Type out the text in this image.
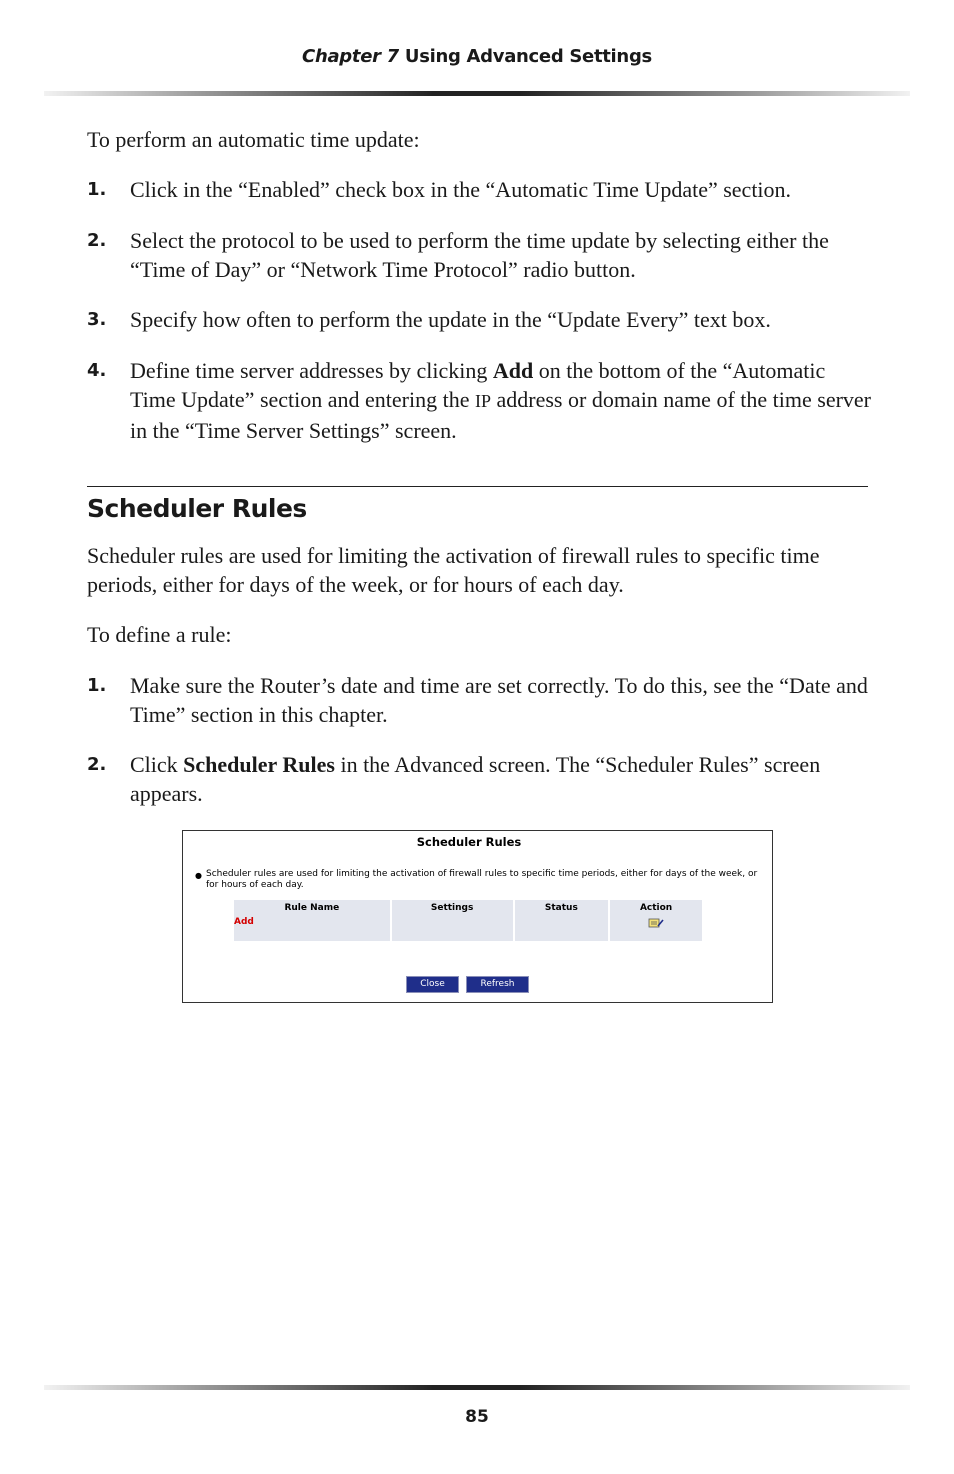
Chapter 7 Using Advanced Settings

To perform an automatic time update:

1. Click in the “Enabled” check box in the “Automatic Time Update” section.
2. Select the protocol to be used to perform the time update by selecting either the “Time of Day” or “Network Time Protocol” radio button.
3. Specify how often to perform the update in the “Update Every” text box.
4. Define time server addresses by clicking Add on the bottom of the “Automatic Time Update” section and entering the IP address or domain name of the time server in the “Time Server Settings” screen.
Scheduler Rules

Scheduler rules are used for limiting the activation of firewall rules to specific time periods, either for days of the week, or for hours of each day.

To define a rule:

1. Make sure the Router’s date and time are set correctly. To do this, see the “Date and Time” section in this chapter.
2. Click Scheduler Rules in the Advanced screen. The “Scheduler Rules” screen appears.
Scheduler Rules
● Scheduler rules are used for limiting the activation of firewall rules to specific time periods, either for days of the week, or for hours of each day.
Rule Name	Settings	Status	Action
Add			
Close	Refresh
85
